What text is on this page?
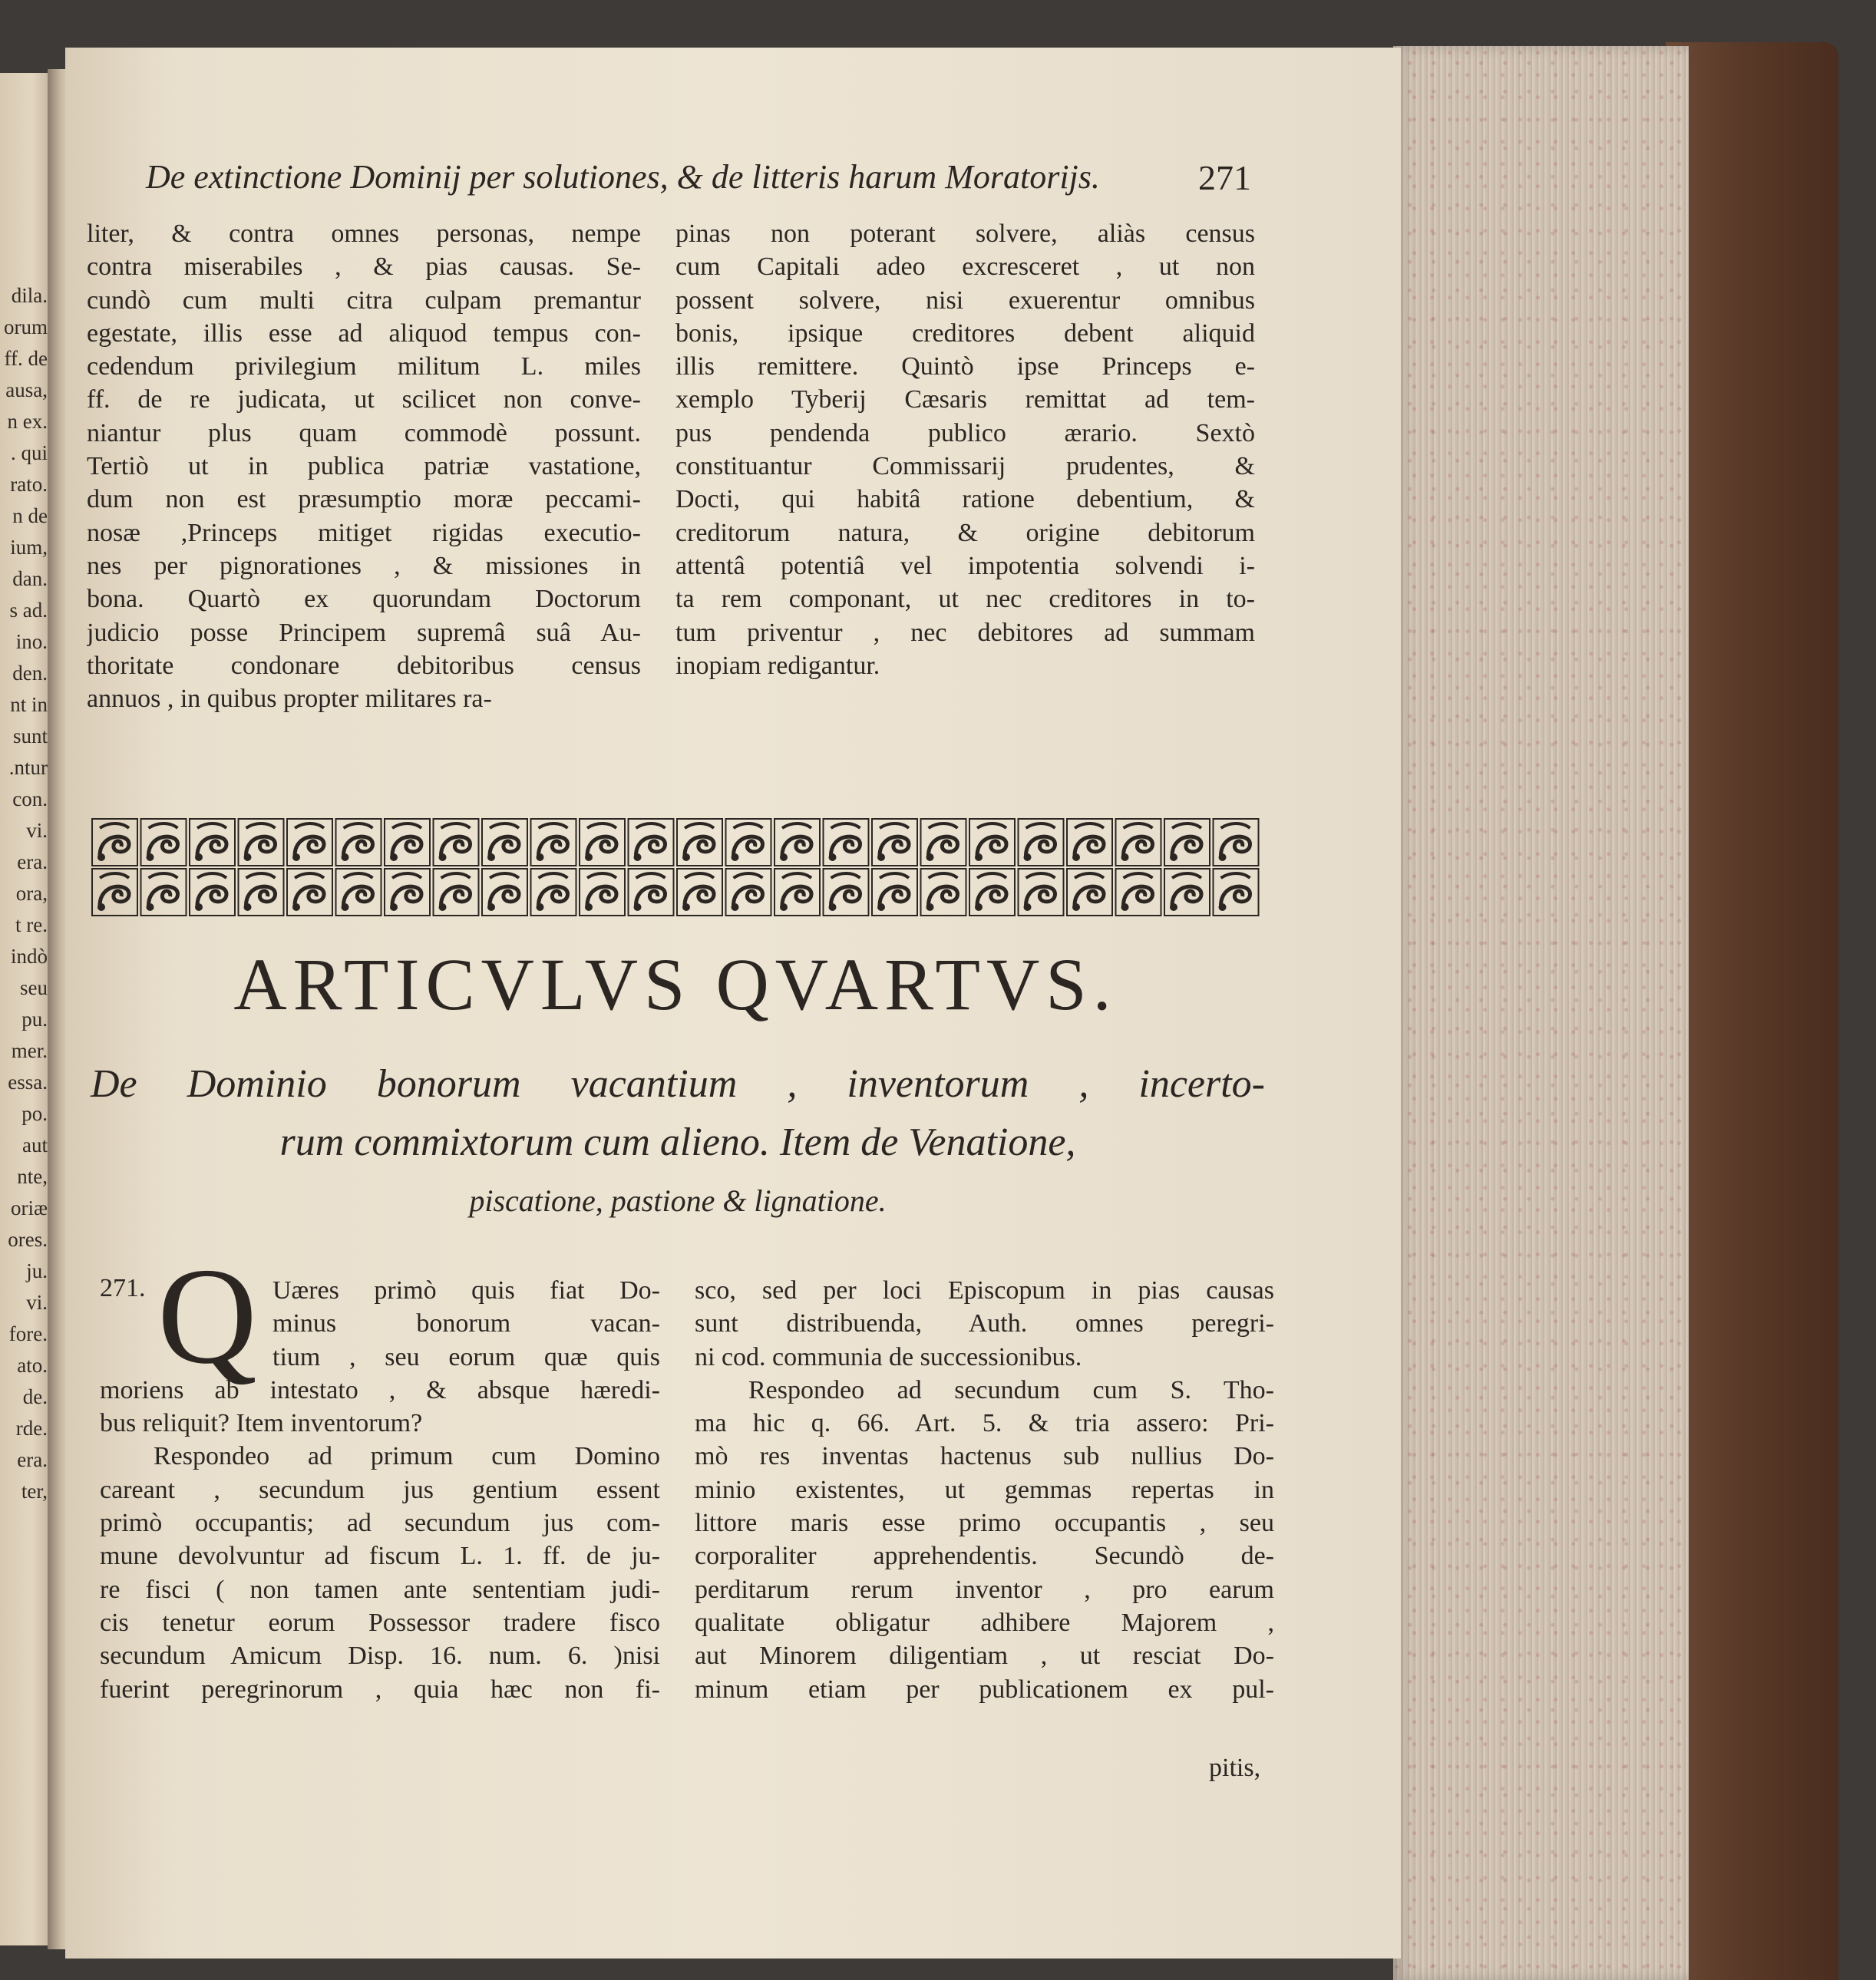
dila.
orum
ff. de
ausa,
n ex.
. qui
rato.
n de
ium,
dan.
s ad.
ino.
den.
nt in
sunt
.ntur
con.
vi.
era.
ora,
t re.
indò
seu
pu.
mer.
essa.
po.
aut
nte,
oriæ
ores.
ju.
vi.
fore.
ato.
de.
rde.
era.
ter,
De extinctione Dominij per solutiones, & de litteris harum Moratorijs.	271
liter, & contra omnes personas, nempe
contra miserabiles , & pias causas. Se-
cundò cum multi citra culpam premantur
egestate, illis esse ad aliquod tempus con-
cedendum privilegium militum L. miles
ff. de re judicata, ut scilicet non conve-
niantur plus quam commodè possunt.
Tertiò ut in publica patriæ vastatione,
dum non est præsumptio moræ peccami-
nosæ ,Princeps mitiget rigidas executio-
nes per pignorationes , & missiones in
bona. Quartò ex quorundam Doctorum
judicio posse Principem supremâ suâ Au-
thoritate condonare debitoribus census
annuos , in quibus propter militares ra-
pinas non poterant solvere, aliàs census
cum Capitali adeo excresceret , ut non
possent solvere, nisi exuerentur omnibus
bonis, ipsique creditores debent aliquid
illis remittere. Quintò ipse Princeps e-
xemplo Tyberij Cæsaris remittat ad tem-
pus pendenda publico ærario. Sextò
constituantur Commissarij prudentes, &
Docti, qui habitâ ratione debentium, &
creditorum natura, & origine debitorum
attentâ potentiâ vel impotentia solvendi i-
ta rem componant, ut nec creditores in to-
tum priventur , nec debitores ad summam
inopiam redigantur.
ARTICVLVS QVARTVS.
De Dominio bonorum vacantium , inventorum , incerto-
rum commixtorum cum alieno. Item de Venatione,
piscatione, pastione & lignatione.
271. Q Uæres primò quis fiat Do-
minus bonorum vacan-
tium , seu eorum quæ quis
moriens ab intestato , & absque hæredi-
bus reliquit? Item inventorum?
Respondeo ad primum cum Domino
careant , secundum jus gentium essent
primò occupantis; ad secundum jus com-
mune devolvuntur ad fiscum L. 1. ff. de ju-
re fisci ( non tamen ante sententiam judi-
cis tenetur eorum Possessor tradere fisco
secundum Amicum Disp. 16. num. 6. )nisi
fuerint peregrinorum , quia hæc non fi-
sco, sed per loci Episcopum in pias causas
sunt distribuenda, Auth. omnes peregri-
ni cod. communia de successionibus.
Respondeo ad secundum cum S. Tho-
ma hic q. 66. Art. 5. & tria assero: Pri-
mò res inventas hactenus sub nullius Do-
minio existentes, ut gemmas repertas in
littore maris esse primo occupantis , seu
corporaliter apprehendentis. Secundò de-
perditarum rerum inventor , pro earum
qualitate obligatur adhibere Majorem ,
aut Minorem diligentiam , ut resciat Do-
minum etiam per publicationem ex pul-
pitis,
